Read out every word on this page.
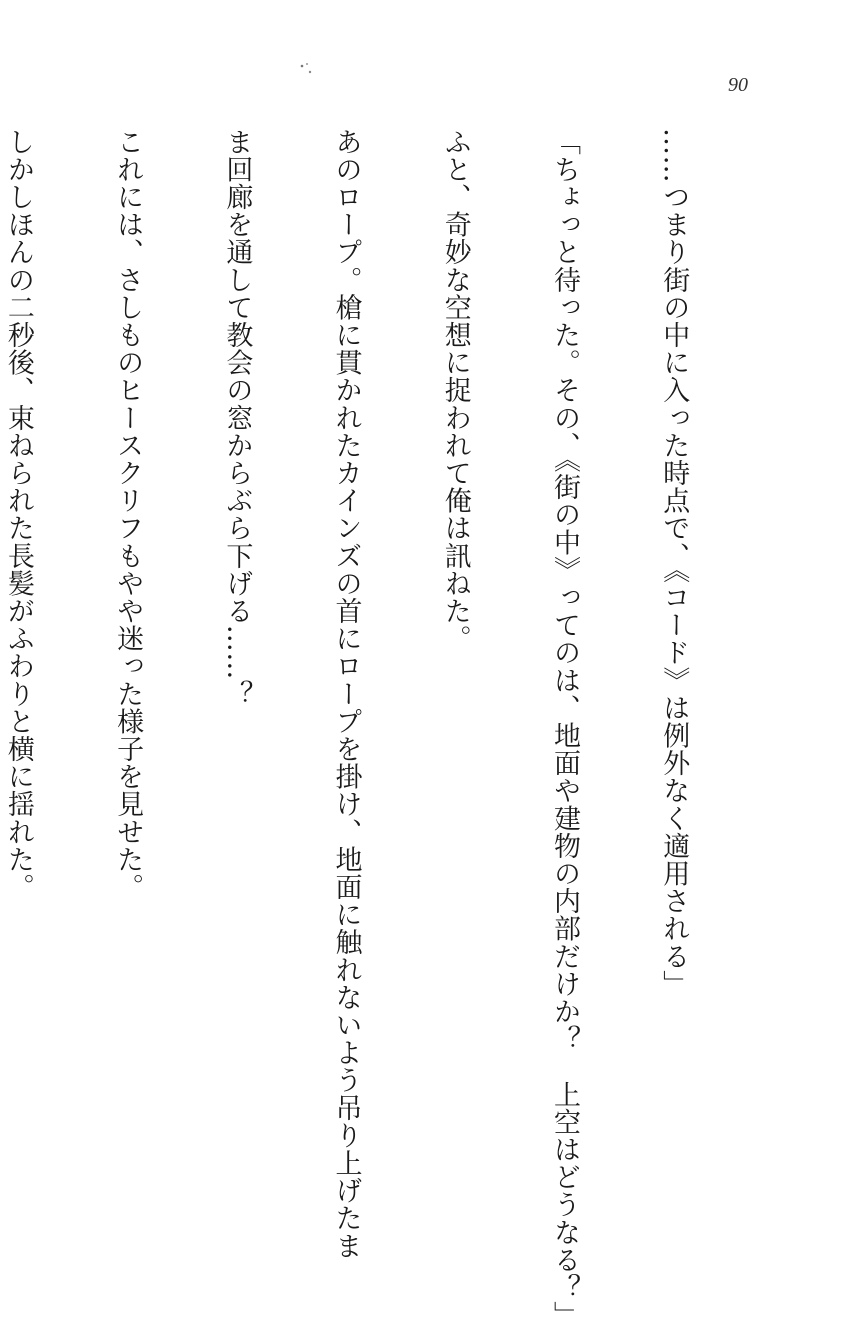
90

……つまり街の中に入った時点で、《コード》は例外なく適用される」

「ちょっと待った。その、《街の中》ってのは、地面や建物の内部だけか？　上空はどうなる？」

ふと、奇妙な空想に捉われて俺は訊ねた。

あのロープ。槍に貫かれたカインズの首にロープを掛け、地面に触れないよう吊り上げたま

ま回廊を通して教会の窓からぶら下げる……？

これには、さしものヒースクリフもやや迷った様子を見せた。

しかしほんの二秒後、束ねられた長髪がふわりと横に揺れた。
